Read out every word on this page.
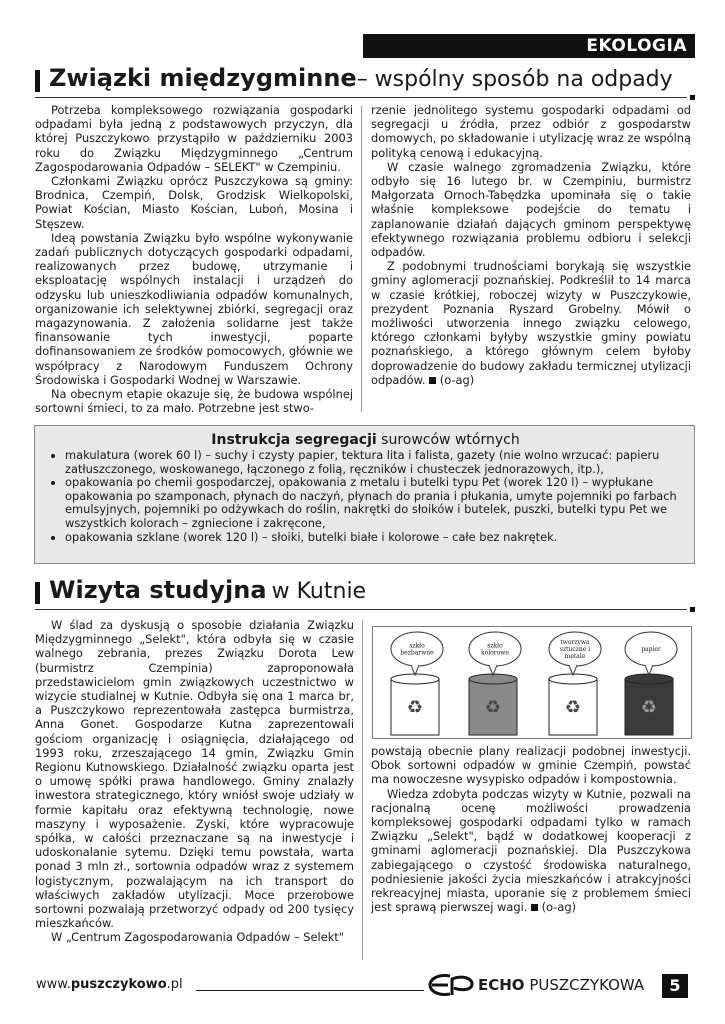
EKOLOGIA
Związki międzygminne– wspólny sposób na odpady

Potrzeba kompleksowego rozwiązania gospodarki odpadami była jedną z podstawowych przyczyn, dla której Puszczykowo przystąpiło w październiku 2003 roku do Związku Międzygminnego „Centrum Zagospodarowania Odpadów – SELEKT" w Czempiniu.

Członkami Związku oprócz Puszczykowa są gminy: Brodnica, Czempiń, Dolsk, Grodzisk Wielkopolski, Powiat Kościan, Miasto Kościan, Luboń, Mosina i Stęszew.

Ideą powstania Związku było wspólne wykonywanie zadań publicznych dotyczących gospodarki odpadami, realizowanych przez budowę, utrzymanie i eksploatację wspólnych instalacji i urządzeń do odzysku lub unieszkodliwiania odpadów komunalnych, organizowanie ich selektywnej zbiórki, segregacji oraz magazynowania. Z założenia solidarne jest także finansowanie tych inwestycji, poparte dofinansowaniem ze środków pomocowych, głównie we współpracy z Narodowym Funduszem Ochrony Środowiska i Gospodarki Wodnej w Warszawie.

Na obecnym etapie okazuje się, że budowa wspólnej sortowni śmieci, to za mało. Potrzebne jest stwo-

rzenie jednolitego systemu gospodarki odpadami od segregacji u źródła, przez odbiór z gospodarstw domowych, po składowanie i utylizację wraz ze wspólną polityką cenową i edukacyjną.

W czasie walnego zgromadzenia Związku, które odbyło się 16 lutego br. w Czempiniu, burmistrz Małgorzata Ornoch-Tabędzka upominała się o takie właśnie kompleksowe podejście do tematu i zaplanowanie działań dających gminom perspektywę efektywnego rozwiązania problemu odbioru i selekcji odpadów.

Z podobnymi trudnościami borykają się wszystkie gminy aglomeracji poznańskiej. Podkreślił to 14 marca w czasie krótkiej, roboczej wizyty w Puszczykowie, prezydent Poznania Ryszard Grobelny. Mówił o możliwości utworzenia innego związku celowego, którego członkami byłyby wszystkie gminy powiatu poznańskiego, a którego głównym celem byłoby doprowadzenie do budowy zakładu termicznej utylizacji odpadów. (o-ag)

Instrukcja segregacji surowców wtórnych
• makulatura (worek 60 l) – suchy i czysty papier, tektura lita i falista, gazety (nie wolno wrzucać: papieru zatłuszczonego, woskowanego, łączonego z folią, ręczników i chusteczek jednorazowych, itp.),
• opakowania po chemii gospodarczej, opakowania z metalu i butelki typu Pet (worek 120 l) – wypłukane opakowania po szamponach, płynach do naczyń, płynach do prania i płukania, umyte pojemniki po farbach emulsyjnych, pojemniki po odżywkach do roślin, nakrętki do słoików i butelek, puszki, butelki typu Pet we wszystkich kolorach – zgniecione i zakręcone,
• opakowania szklane (worek 120 l) – słoiki, butelki białe i kolorowe – całe bez nakrętek.
Wizyta studyjna w Kutnie

W ślad za dyskusją o sposobie działania Związku Międzygminnego „Selekt", która odbyła się w czasie walnego zebrania, prezes Związku Dorota Lew (burmistrz Czempinia) zaproponowała przedstawicielom gmin związkowych uczestnictwo w wizycie studialnej w Kutnie. Odbyła się ona 1 marca br, a Puszczykowo reprezentowała zastępca burmistrza, Anna Gonet. Gospodarze Kutna zaprezentowali gościom organizację i osiągnięcia, działającego od 1993 roku, zrzeszającego 14 gmin, Związku Gmin Regionu Kutnowskiego. Działalność związku oparta jest o umowę spółki prawa handlowego. Gminy znalazły inwestora strategicznego, który wniósł swoje udziały w formie kapitału oraz efektywną technologię, nowe maszyny i wyposażenie. Zyski, które wypracowuje spółka, w całości przeznaczane są na inwestycje i udoskonalanie sytemu. Dzięki temu powstała, warta ponad 3 mln zł., sortownia odpadów wraz z systemem logistycznym, pozwalającym na ich transport do właściwych zakładów utylizacji. Moce przerobowe sortowni pozwalają przetworzyć odpady od 200 tysięcy mieszkańców.

W „Centrum Zagospodarowania Odpadów – Selekt"

♻
szkło bezbarwne
♻
szkło kolorowe
♻
tworzywa sztuczne i metale
♻
papier

powstają obecnie plany realizacji podobnej inwestycji. Obok sortowni odpadów w gminie Czempiń, powstać ma nowoczesne wysypisko odpadów i kompostownia.

Wiedza zdobyta podczas wizyty w Kutnie, pozwali na racjonalną ocenę możliwości prowadzenia kompleksowej gospodarki odpadami tylko w ramach Związku „Selekt", bądź w dodatkowej kooperacji z gminami aglomeracji poznańskiej. Dla Puszczykowa zabiegającego o czystość środowiska naturalnego, podniesienie jakości życia mieszkańców i atrakcyjności rekreacyjnej miasta, uporanie się z problemem śmieci jest sprawą pierwszej wagi. (o-ag)

www.puszczykowo.pl	ECHO PUSZCZYKOWA	5
